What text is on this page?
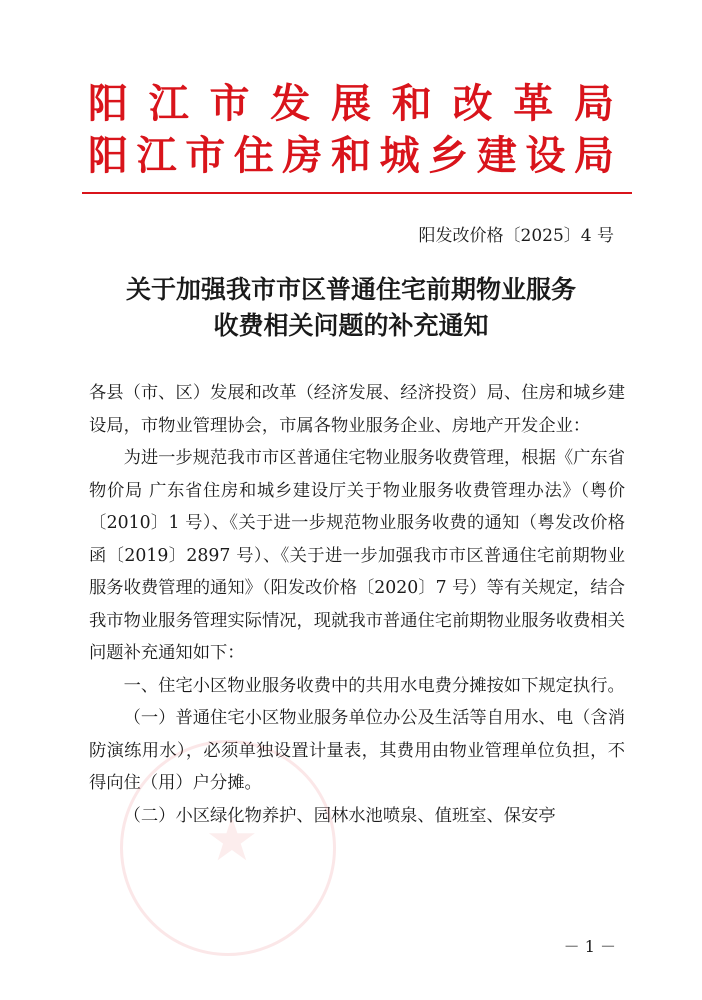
阳 江 市 发 展 和 改 革 局
阳 江 市 住 房 和 城 乡 建 设 局
阳发改价格〔2025〕4 号
关于加强我市市区普通住宅前期物业服务
收费相关问题的补充通知

各县（市、区）发展和改革（经济发展、经济投资）局、住房和城乡建设局，市物业管理协会，市属各物业服务企业、房地产开发企业：

为进一步规范我市市区普通住宅物业服务收费管理，根据《广东省物价局 广东省住房和城乡建设厅关于物业服务收费管理办法》（粤价〔2010〕1 号）、《关于进一步规范物业服务收费的通知（粤发改价格函〔2019〕2897 号）、《关于进一步加强我市市区普通住宅前期物业服务收费管理的通知》（阳发改价格〔2020〕7 号）等有关规定，结合我市物业服务管理实际情况，现就我市普通住宅前期物业服务收费相关问题补充通知如下：

一、住宅小区物业服务收费中的共用水电费分摊按如下规定执行。

（一）普通住宅小区物业服务单位办公及生活等自用水、电（含消防演练用水），必须单独设置计量表，其费用由物业管理单位负担，不得向住（用）户分摊。

（二）小区绿化物养护、园林水池喷泉、值班室、保安亭

★
－ 1 －
